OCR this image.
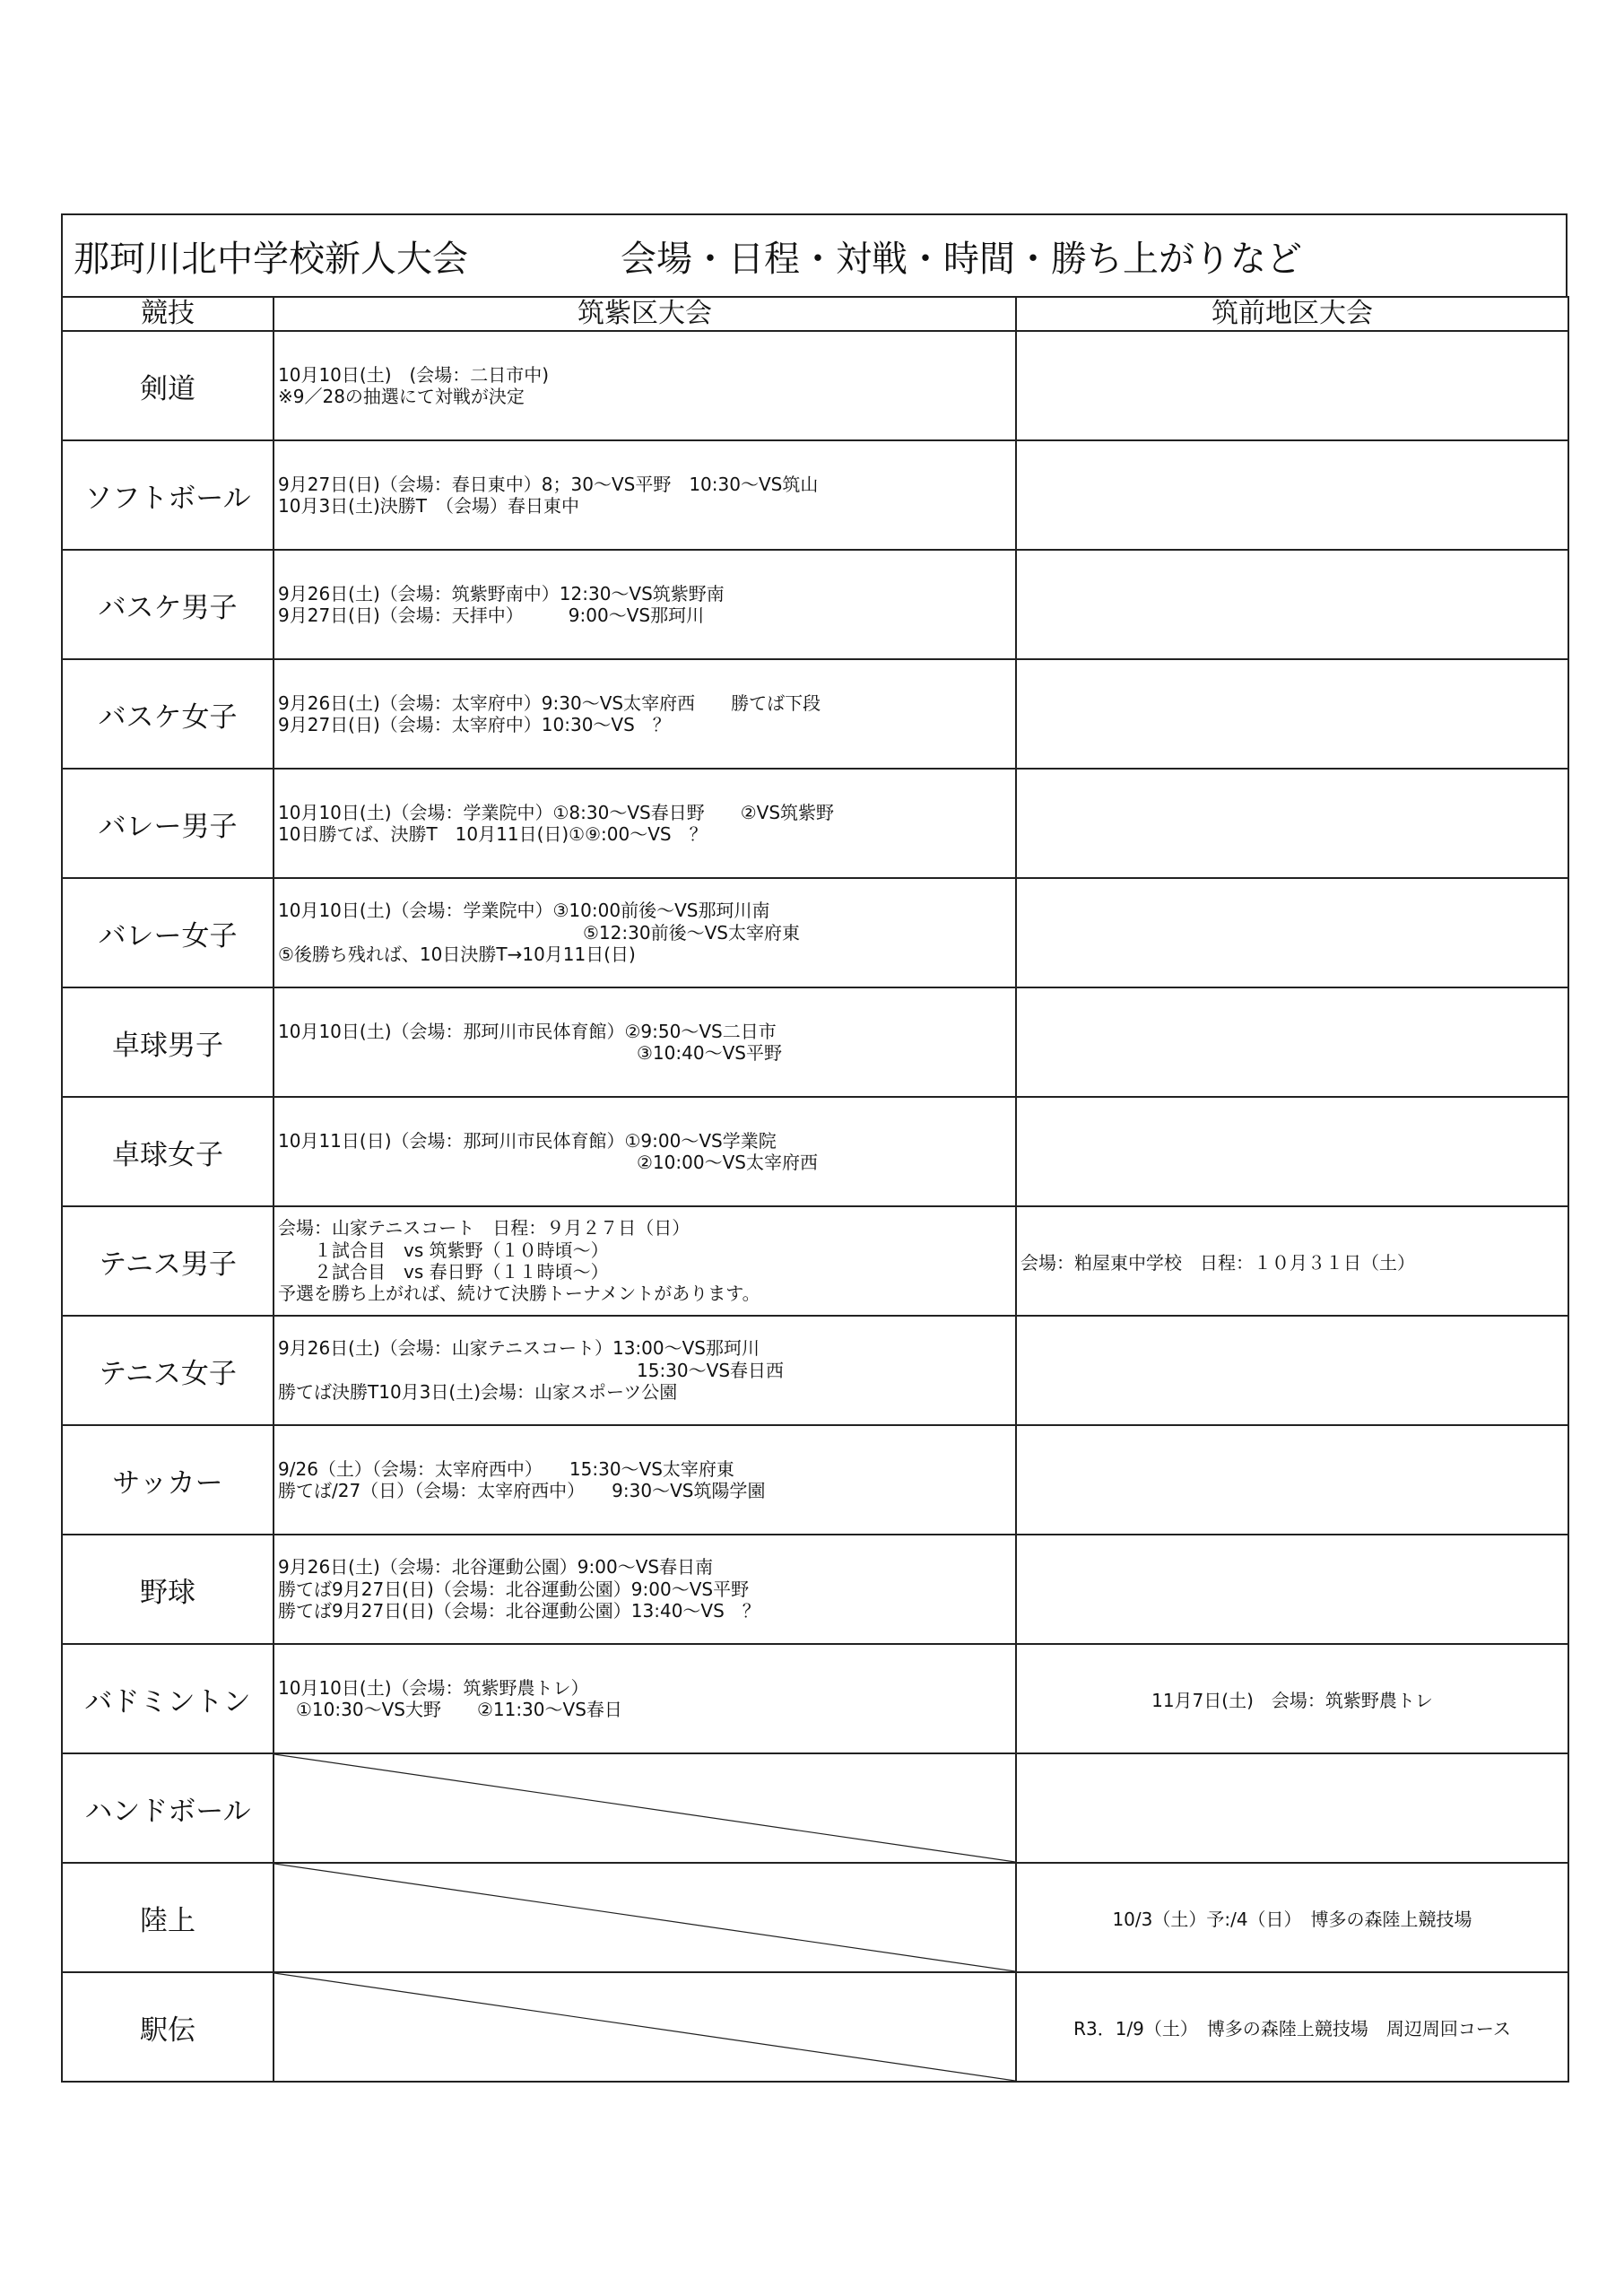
那珂川北中学校新人大会	会場・日程・対戦・時間・勝ち上がりなど
競技	筑紫区大会	筑前地区大会
剣道	10月10日(土)　(会場：二日市中)
※9／28の抽選にて対戦が決定	

ソフトボール	9月27日(日)（会場：春日東中）8；30～VS平野　10:30～VS筑山
10月3日(土)決勝T　（会場）春日東中	

バスケ男子	9月26日(土)（会場：筑紫野南中）12:30～VS筑紫野南
9月27日(日)（会場：天拝中）　　　9:00～VS那珂川	

バスケ女子	9月26日(土)（会場：太宰府中）9:30～VS太宰府西　　勝てば下段
9月27日(日)（会場：太宰府中）10:30～VS　？	

バレー男子	10月10日(土)（会場：学業院中）①8:30～VS春日野　　②VS筑紫野
10日勝てば、決勝T　10月11日(日)①⑨:00～VS　？	

バレー女子	10月10日(土)（会場：学業院中）③10:00前後～VS那珂川南
　　　　　　　　　　　　　　　　　⑤12:30前後～VS太宰府東
⑤後勝ち残れば、10日決勝T→10月11日(日)	

卓球男子	10月10日(土)（会場：那珂川市民体育館）②9:50～VS二日市
　　　　　　　　　　　　　　　　　　　　③10:40～VS平野	

卓球女子	10月11日(日)（会場：那珂川市民体育館）①9:00～VS学業院
　　　　　　　　　　　　　　　　　　　　②10:00～VS太宰府西	

テニス男子	会場：山家テニスコート　日程：９月２７日（日）
　　１試合目　vs 筑紫野（１０時頃～）
　　２試合目　vs 春日野（１１時頃～）
予選を勝ち上がれば、続けて決勝トーナメントがあります。	会場：粕屋東中学校　日程：１０月３１日（土）
テニス女子	9月26日(土)（会場：山家テニスコート）13:00～VS那珂川
　　　　　　　　　　　　　　　　　　　　15:30～VS春日西
勝てば決勝T10月3日(土)会場：山家スポーツ公園	

サッカー	9/26（土）（会場：太宰府西中）　　15:30～VS太宰府東
勝てば/27（日）（会場：太宰府西中）　　9:30～VS筑陽学園	

野球	9月26日(土)（会場：北谷運動公園）9:00～VS春日南
勝てば9月27日(日)（会場：北谷運動公園）9:00～VS平野
勝てば9月27日(日)（会場：北谷運動公園）13:40～VS　？	

バドミントン	10月10日(土)（会場：筑紫野農トレ）
　①10:30～VS大野　　②11:30～VS春日	11月7日(土)　会場：筑紫野農トレ
ハンドボール	

陸上		10/3（土）予:/4（日）　博多の森陸上競技場
駅伝		R3．1/9（土）　博多の森陸上競技場　周辺周回コース
